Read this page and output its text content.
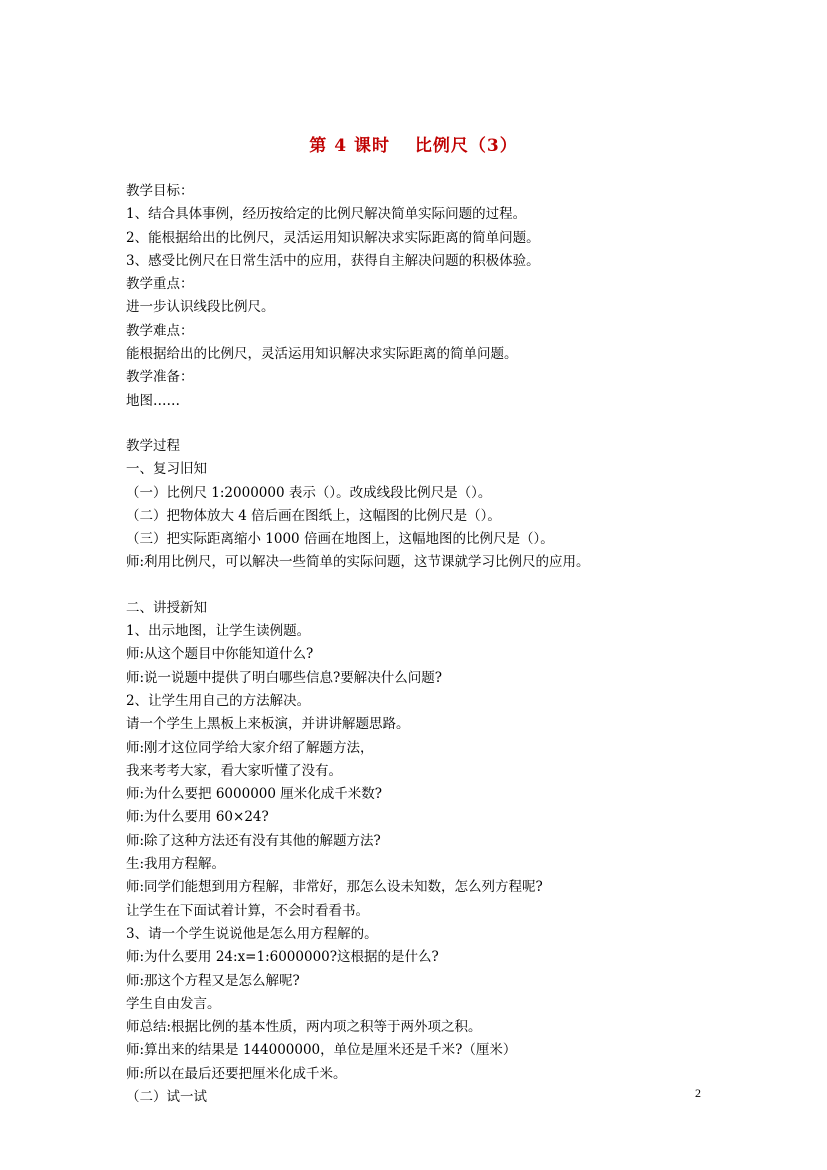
第 4 课时　 比例尺（3）
教学目标：
1、结合具体事例，经历按给定的比例尺解决简单实际问题的过程。
2、能根据给出的比例尺，灵活运用知识解决求实际距离的简单问题。
3、感受比例尺在日常生活中的应用，获得自主解决问题的积极体验。
教学重点：
进一步认识线段比例尺。
教学难点：
能根据给出的比例尺，灵活运用知识解决求实际距离的简单问题。
教学准备：
地图……
教学过程
一、复习旧知
（一）比例尺 1:2000000 表示（）。改成线段比例尺是（）。
（二）把物体放大 4 倍后画在图纸上，这幅图的比例尺是（）。
（三）把实际距离缩小 1000 倍画在地图上，这幅地图的比例尺是（）。
师:利用比例尺，可以解决一些简单的实际问题，这节课就学习比例尺的应用。
二、讲授新知
1、出示地图，让学生读例题。
师:从这个题目中你能知道什么?
师:说一说题中提供了明白哪些信息?要解决什么问题?
2、让学生用自己的方法解决。
请一个学生上黑板上来板演，并讲讲解题思路。
师:刚才这位同学给大家介绍了解题方法，
我来考考大家，看大家听懂了没有。
师:为什么要把 6000000 厘米化成千米数?
师:为什么要用 60×24?
师:除了这种方法还有没有其他的解题方法?
生:我用方程解。
师:同学们能想到用方程解，非常好，那怎么设未知数，怎么列方程呢?
让学生在下面试着计算，不会时看看书。
3、请一个学生说说他是怎么用方程解的。
师:为什么要用 24:x=1:6000000?这根据的是什么?
师:那这个方程又是怎么解呢?
学生自由发言。
师总结:根据比例的基本性质，两内项之积等于两外项之积。
师:算出来的结果是 144000000，单位是厘米还是千米?（厘米）
师:所以在最后还要把厘米化成千米。
（二）试一试	2
